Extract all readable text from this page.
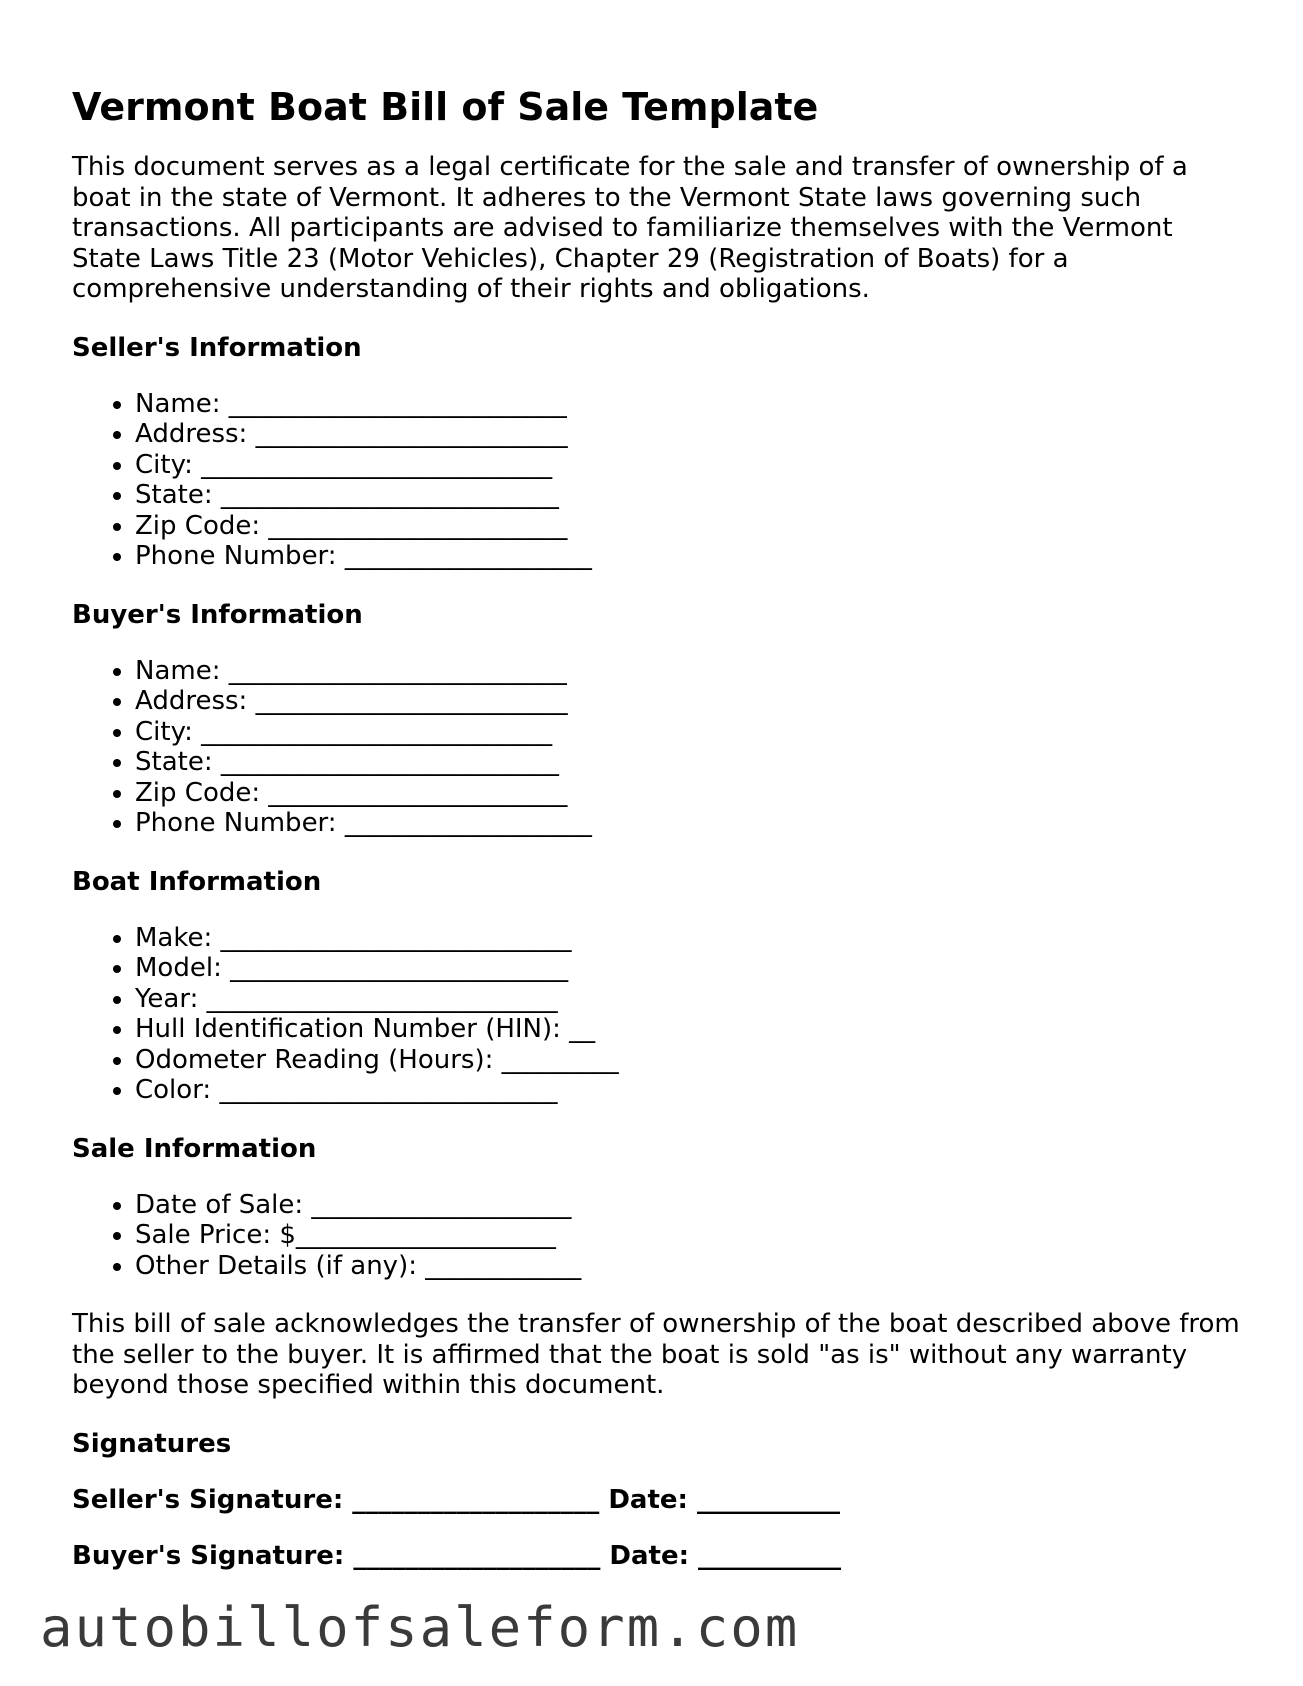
Vermont Boat Bill of Sale Template

This document serves as a legal certificate for the sale and transfer of ownership of a boat in the state of Vermont. It adheres to the Vermont State laws governing such transactions. All participants are advised to familiarize themselves with the Vermont State Laws Title 23 (Motor Vehicles), Chapter 29 (Registration of Boats) for a comprehensive understanding of their rights and obligations.

Seller's Information
• Name: __________________________
• Address: ________________________
• City: ___________________________
• State: __________________________
• Zip Code: _______________________
• Phone Number: ___________________
Buyer's Information
• Name: __________________________
• Address: ________________________
• City: ___________________________
• State: __________________________
• Zip Code: _______________________
• Phone Number: ___________________
Boat Information
• Make: ___________________________
• Model: __________________________
• Year: ___________________________
• Hull Identification Number (HIN): __
• Odometer Reading (Hours): _________
• Color: __________________________
Sale Information
• Date of Sale: ____________________
• Sale Price: $____________________
• Other Details (if any): ____________

This bill of sale acknowledges the transfer of ownership of the boat described above from the seller to the buyer. It is affirmed that the boat is sold "as is" without any warranty beyond those specified within this document.

Signatures
Seller's Signature: ___________________ Date: ___________
Buyer's Signature: ___________________ Date: ___________
autobillofsaleform.com
